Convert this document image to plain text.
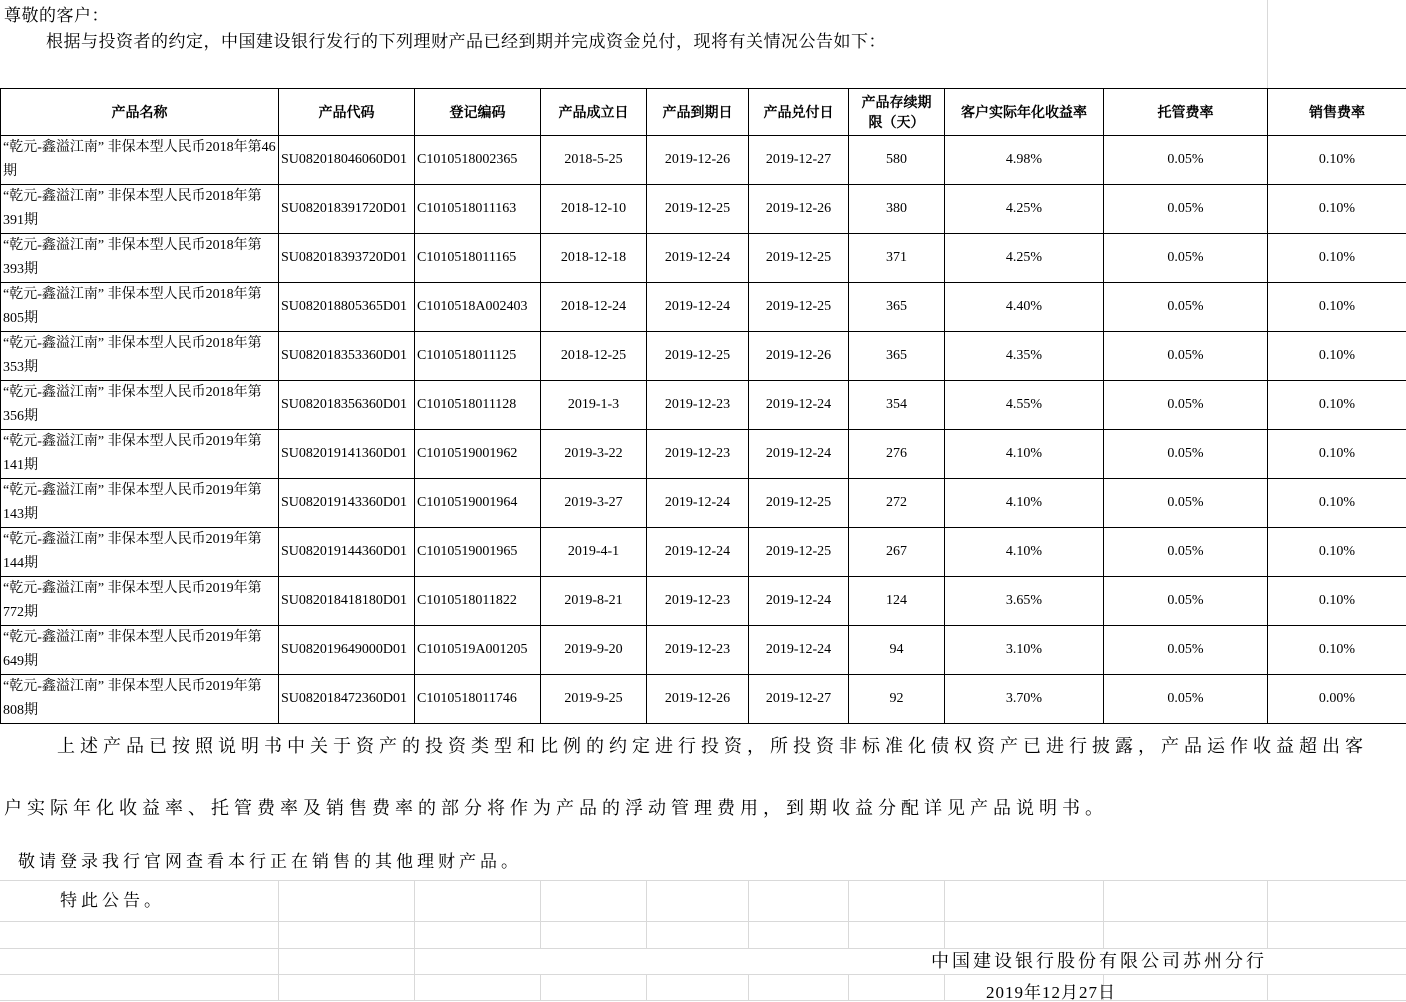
尊敬的客户：
根据与投资者的约定，中国建设银行发行的下列理财产品已经到期并完成资金兑付，现将有关情况公告如下：
产品名称	产品代码	登记编码	产品成立日	产品到期日	产品兑付日	产品存续期限（天）	客户实际年化收益率	托管费率	销售费率
“乾元-鑫溢江南” 非保本型人民币2018年第46期	SU082018046060D01	C1010518002365	2018-5-25	2019-12-26	2019-12-27	580	4.98%	0.05%	0.10%
“乾元-鑫溢江南” 非保本型人民币2018年第391期	SU082018391720D01	C1010518011163	2018-12-10	2019-12-25	2019-12-26	380	4.25%	0.05%	0.10%
“乾元-鑫溢江南” 非保本型人民币2018年第393期	SU082018393720D01	C1010518011165	2018-12-18	2019-12-24	2019-12-25	371	4.25%	0.05%	0.10%
“乾元-鑫溢江南” 非保本型人民币2018年第805期	SU082018805365D01	C1010518A002403	2018-12-24	2019-12-24	2019-12-25	365	4.40%	0.05%	0.10%
“乾元-鑫溢江南” 非保本型人民币2018年第353期	SU082018353360D01	C1010518011125	2018-12-25	2019-12-25	2019-12-26	365	4.35%	0.05%	0.10%
“乾元-鑫溢江南” 非保本型人民币2018年第356期	SU082018356360D01	C1010518011128	2019-1-3	2019-12-23	2019-12-24	354	4.55%	0.05%	0.10%
“乾元-鑫溢江南” 非保本型人民币2019年第141期	SU082019141360D01	C1010519001962	2019-3-22	2019-12-23	2019-12-24	276	4.10%	0.05%	0.10%
“乾元-鑫溢江南” 非保本型人民币2019年第143期	SU082019143360D01	C1010519001964	2019-3-27	2019-12-24	2019-12-25	272	4.10%	0.05%	0.10%
“乾元-鑫溢江南” 非保本型人民币2019年第144期	SU082019144360D01	C1010519001965	2019-4-1	2019-12-24	2019-12-25	267	4.10%	0.05%	0.10%
“乾元-鑫溢江南” 非保本型人民币2019年第772期	SU082018418180D01	C1010518011822	2019-8-21	2019-12-23	2019-12-24	124	3.65%	0.05%	0.10%
“乾元-鑫溢江南” 非保本型人民币2019年第649期	SU082019649000D01	C1010519A001205	2019-9-20	2019-12-23	2019-12-24	94	3.10%	0.05%	0.10%
“乾元-鑫溢江南” 非保本型人民币2019年第808期	SU082018472360D01	C1010518011746	2019-9-25	2019-12-26	2019-12-27	92	3.70%	0.05%	0.00%
上述产品已按照说明书中关于资产的投资类型和比例的约定进行投资，所投资非标准化债权资产已进行披露，产品运作收益超出客
户实际年化收益率、托管费率及销售费率的部分将作为产品的浮动管理费用，到期收益分配详见产品说明书。
敬请登录我行官网查看本行正在销售的其他理财产品。
特此公告。
中国建设银行股份有限公司苏州分行
2019年12月27日
